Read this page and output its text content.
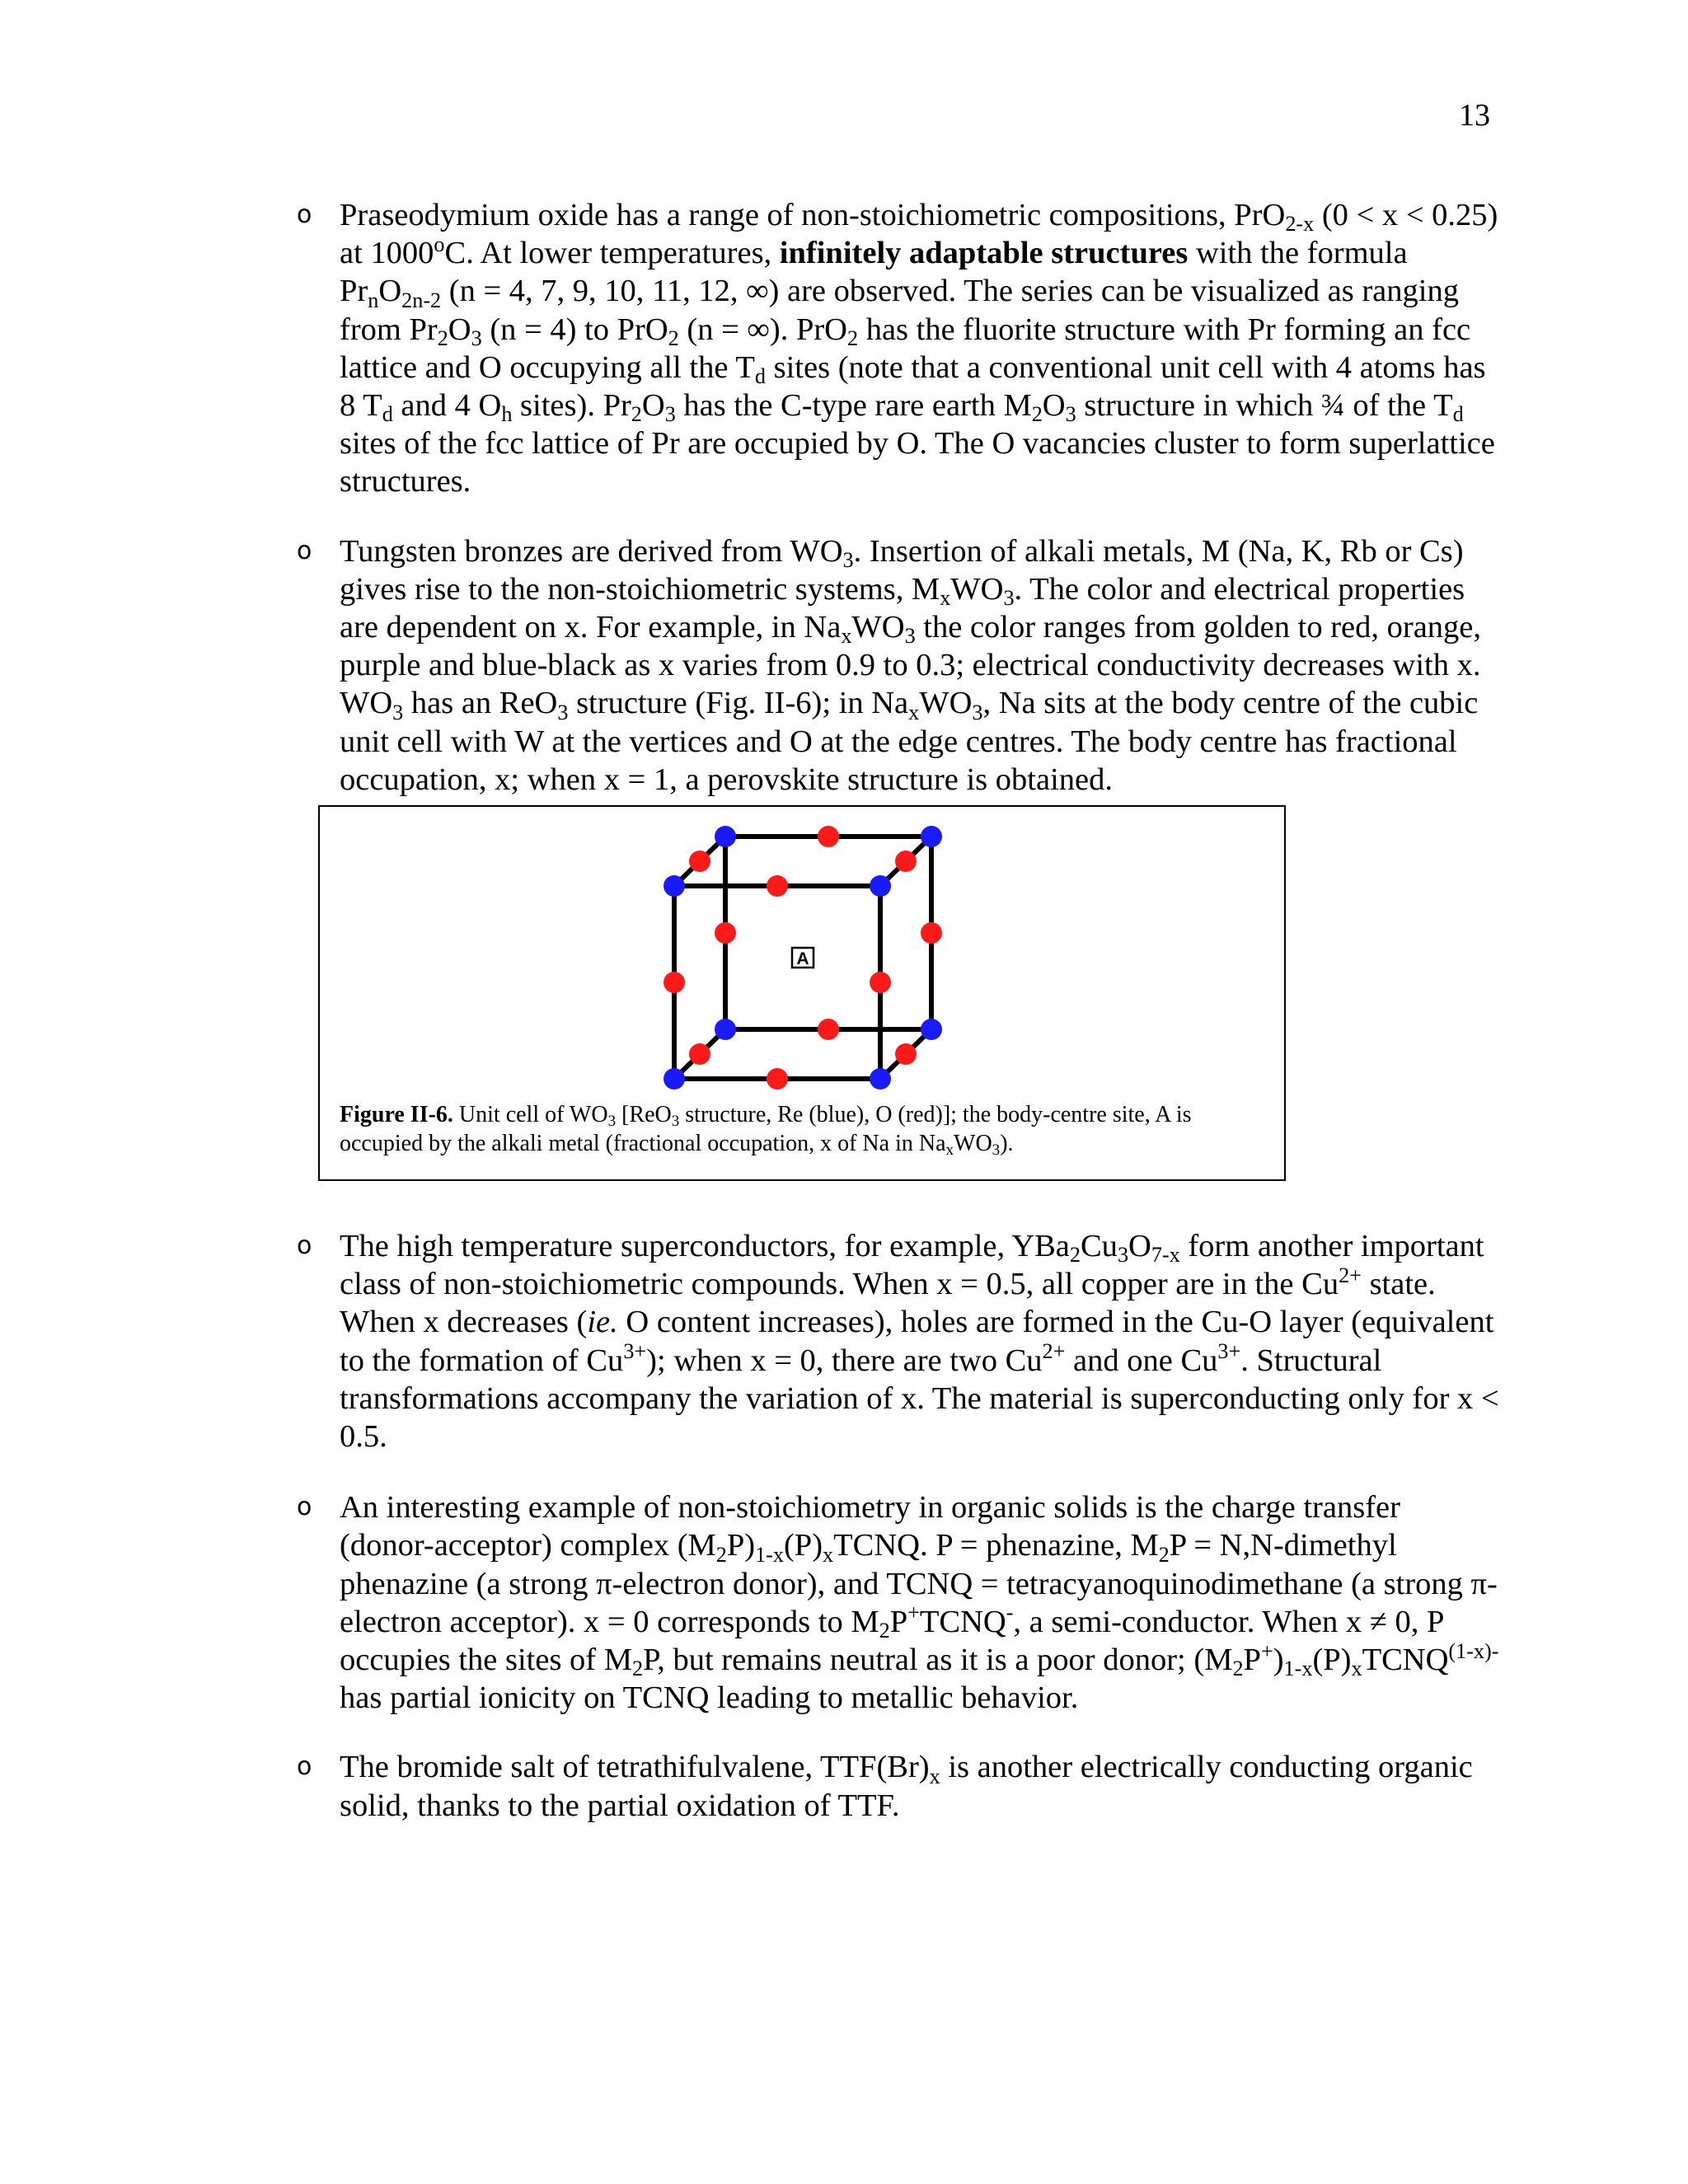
13
o Praseodymium oxide has a range of non-stoichiometric compositions, PrO$_{2-x}$ (0 < x < 0.25) at 1000$^o$C. At lower temperatures, infinitely adaptable structures with the formula $Pr_nO_{2n-2}$ (n = 4, 7, 9, 10, 11, 12, ∞) are observed. The series can be visualized as ranging from $Pr_2O_3$ (n = 4) to PrO$_2$ (n = ∞). PrO$_2$ has the fluorite structure with Pr forming an fcc lattice and O occupying all the $T_d$ sites (note that a conventional unit cell with 4 atoms has 8 $T_d$ and 4 $O_h$ sites). $Pr_2O_3$ has the C-type rare earth $M_2O_3$ structure in which ¾ of the $T_d$ sites of the fcc lattice of Pr are occupied by O. The O vacancies cluster to form superlattice structures.
o Tungsten bronzes are derived from $WO_3$. Insertion of alkali metals, M (Na, K, Rb or Cs) gives rise to the non-stoichiometric systems, $M_xWO_3$. The color and electrical properties are dependent on x. For example, in $Na_xWO_3$ the color ranges from golden to red, orange, purple and blue-black as x varies from 0.9 to 0.3; electrical conductivity decreases with x. $WO_3$ has an ReO$_3$ structure (Fig. II-6); in $Na_xWO_3$, Na sits at the body centre of the cubic unit cell with W at the vertices and O at the edge centres. The body centre has fractional occupation, x; when x = 1, a perovskite structure is obtained.
A
Figure II-6. Unit cell of $WO_3$ [ReO$_3$ structure, Re (blue), O (red)]; the body-centre site, A is occupied by the alkali metal (fractional occupation, x of Na in $Na_xWO_3$).
o The high temperature superconductors, for example, $YBa_2Cu_3O_{7-x}$ form another important class of non-stoichiometric compounds. When x = 0.5, all copper are in the $Cu^{2+}$ state. When x decreases (ie. O content increases), holes are formed in the Cu-O layer (equivalent to the formation of $Cu^{3+}$); when x = 0, there are two $Cu^{2+}$ and one $Cu^{3+}$. Structural transformations accompany the variation of x. The material is superconducting only for x < 0.5.
o An interesting example of non-stoichiometry in organic solids is the charge transfer (donor-acceptor) complex $(M_2P)_{1-x}(P)_xTCNQ$. P = phenazine, $M_2P$ = N,N-dimethyl phenazine (a strong π-electron donor), and TCNQ = tetracyanoquinodimethane (a strong π-electron acceptor). x = 0 corresponds to $M_2P^+TCNQ^-$, a semi-conductor. When x ≠ 0, P occupies the sites of $M_2P$, but remains neutral as it is a poor donor; $(M_2P^+)_{1-x}(P)_xTCNQ^{(1-x)-}$ has partial ionicity on TCNQ leading to metallic behavior.
o The bromide salt of tetrathifulvalene, $TTF(Br)_x$ is another electrically conducting organic solid, thanks to the partial oxidation of TTF.
